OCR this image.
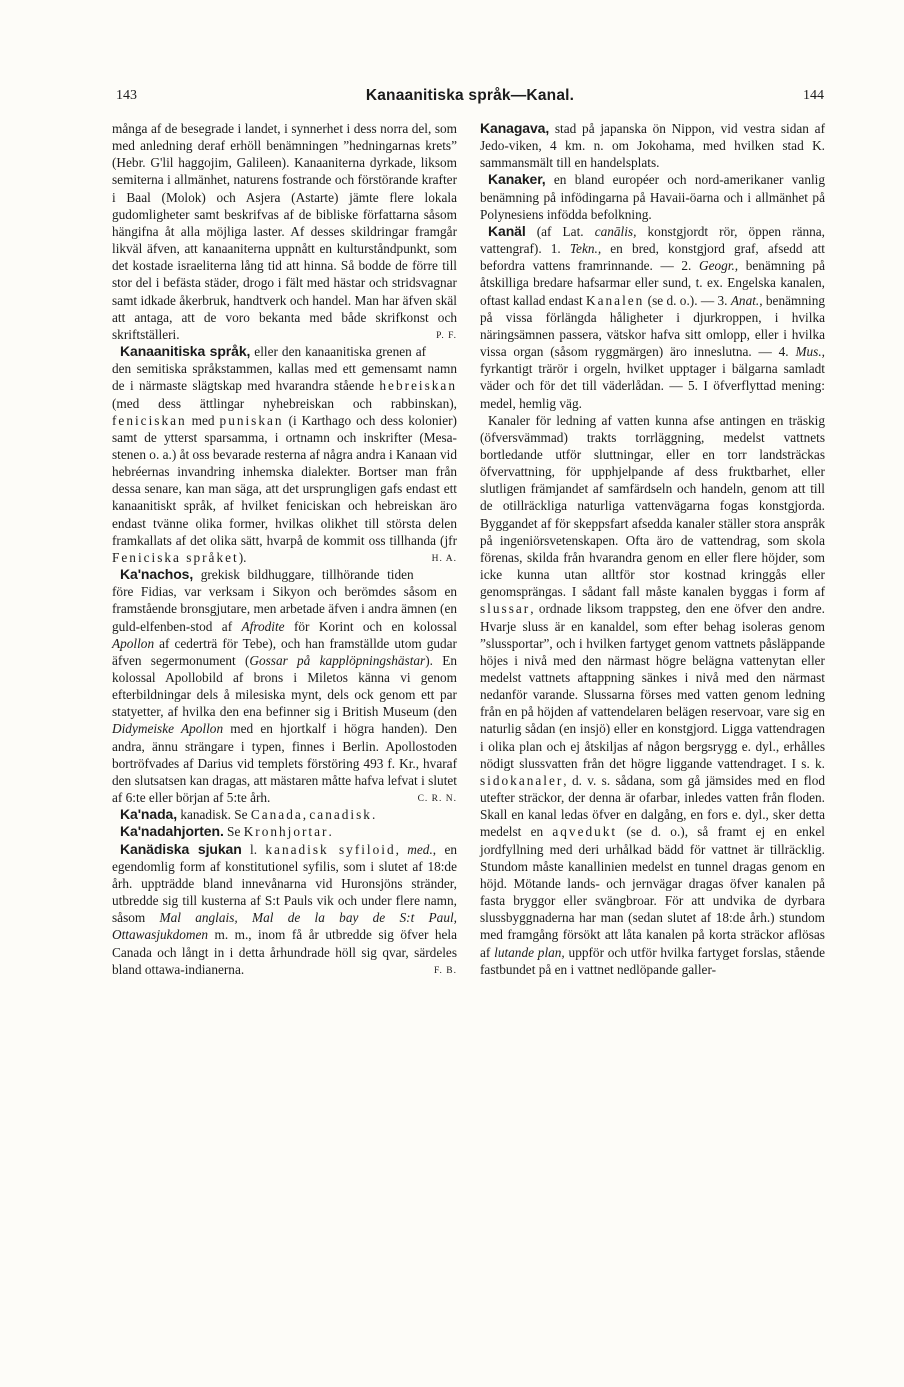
143	Kanaanitiska språk—Kanal.	144

många af de besegrade i landet, i synnerhet i dess norra del, som med anledning deraf erhöll benämningen ”hedningarnas krets” (Hebr. G'lil haggojim, Galileen). Kanaaniterna dyrkade, liksom semiterna i allmänhet, naturens fostrande och förstörande krafter i Baal (Molok) och Asjera (Astarte) jämte flere lokala gudomligheter samt beskrifvas af de bibliske författarna såsom hängifna åt alla möjliga laster. Af desses skildringar framgår likväl äfven, att kanaaniterna uppnått en kulturståndpunkt, som det kostade israeliterna lång tid att hinna. Så bodde de förre till stor del i befästa städer, drogo i fält med hästar och stridsvagnar samt idkade åkerbruk, handtverk och handel. Man har äfven skäl att antaga, att de voro bekanta med både skrifkonst och skriftställeri.	P. F.

Kanaanitiska språk, eller den kanaanitiska grenen af den semitiska språkstammen, kallas med ett gemensamt namn de i närmaste slägtskap med hvarandra stående hebreiskan (med dess ättlingar nyhebreiskan och rabbinskan), feniciskan med puniskan (i Karthago och dess kolonier) samt de ytterst sparsamma, i ortnamn och inskrifter (Mesa-stenen o. a.) åt oss bevarade resterna af några andra i Kanaan vid hebréernas invandring inhemska dialekter. Bortser man från dessa senare, kan man säga, att det ursprungligen gafs endast ett kanaanitiskt språk, af hvilket feniciskan och hebreiskan äro endast tvänne olika former, hvilkas olikhet till största delen framkallats af det olika sätt, hvarpå de kommit oss tillhanda (jfr Feniciska språket).	H. A.

Ka'nachos, grekisk bildhuggare, tillhörande tiden före Fidias, var verksam i Sikyon och berömdes såsom en framstående bronsgjutare, men arbetade äfven i andra ämnen (en guld-elfenben-stod af Afrodite för Korint och en kolossal Apollon af cederträ för Tebe), och han framställde utom gudar äfven segermonument (Gossar på kapplöpningshästar). En kolossal Apollobild af brons i Miletos känna vi genom efterbildningar dels å milesiska mynt, dels ock genom ett par statyetter, af hvilka den ena befinner sig i British Museum (den Didymeiske Apollon med en hjortkalf i högra handen). Den andra, ännu strängare i typen, finnes i Berlin. Apollostoden bortröfvades af Darius vid templets förstöring 493 f. Kr., hvaraf den slutsatsen kan dragas, att mästaren måtte hafva lefvat i slutet af 6:te eller början af 5:te årh.	C. R. N.

Ka'nada, kanadisk. Se Canada, canadisk.

Ka'nadahjorten. Se Kronhjortar.

Kanädiska sjukan l. kanadisk syfiloid, med., en egendomlig form af konstitutionel syfilis, som i slutet af 18:de årh. uppträdde bland innevånarna vid Huronsjöns stränder, utbredde sig till kusterna af S:t Pauls vik och under flere namn, såsom Mal anglais, Mal de la bay de S:t Paul, Ottawasjukdomen m. m., inom få år utbredde sig öfver hela Canada och långt in i detta århundrade höll sig qvar, särdeles bland ottawa-indianerna.	F. B.

Kanagava, stad på japanska ön Nippon, vid vestra sidan af Jedo-viken, 4 km. n. om Jokohama, med hvilken stad K. sammansmält till en handelsplats.

Kanaker, en bland européer och nord-amerikaner vanlig benämning på infödingarna på Havaii-öarna och i allmänhet på Polynesiens infödda befolkning.

Kanäl (af Lat. canālis, konstgjordt rör, öppen ränna, vattengraf). 1. Tekn., en bred, konstgjord graf, afsedd att befordra vattens framrinnande. — 2. Geogr., benämning på åtskilliga bredare hafsarmar eller sund, t. ex. Engelska kanalen, oftast kallad endast Kanalen (se d. o.). — 3. Anat., benämning på vissa förlängda håligheter i djurkroppen, i hvilka näringsämnen passera, vätskor hafva sitt omlopp, eller i hvilka vissa organ (såsom ryggmärgen) äro inneslutna. — 4. Mus., fyrkantigt trärör i orgeln, hvilket upptager i bälgarna samladt väder och för det till väderlådan. — 5. I öfverflyttad mening: medel, hemlig väg.

Kanaler för ledning af vatten kunna afse antingen en träskig (öfversvämmad) trakts torrläggning, medelst vattnets bortledande utför sluttningar, eller en torr landsträckas öfvervattning, för upphjelpande af dess fruktbarhet, eller slutligen främjandet af samfärdseln och handeln, genom att till de otillräckliga naturliga vattenvägarna fogas konstgjorda. Byggandet af för skeppsfart afsedda kanaler ställer stora anspråk på ingeniörsvetenskapen. Ofta äro de vattendrag, som skola förenas, skilda från hvarandra genom en eller flere höjder, som icke kunna utan alltför stor kostnad kringgås eller genomsprängas. I sådant fall måste kanalen byggas i form af slussar, ordnade liksom trappsteg, den ene öfver den andre. Hvarje sluss är en kanaldel, som efter behag isoleras genom ”slussportar”, och i hvilken fartyget genom vattnets påsläppande höjes i nivå med den närmast högre belägna vattenytan eller medelst vattnets aftappning sänkes i nivå med den närmast nedanför varande. Slussarna förses med vatten genom ledning från en på höjden af vattendelaren belägen reservoar, vare sig en naturlig sådan (en insjö) eller en konstgjord. Ligga vattendragen i olika plan och ej åtskiljas af någon bergsrygg e. dyl., erhålles nödigt slussvatten från det högre liggande vattendraget. I s. k. sidokanaler, d. v. s. sådana, som gå jämsides med en flod utefter sträckor, der denna är ofarbar, inledes vatten från floden. Skall en kanal ledas öfver en dalgång, en fors e. dyl., sker detta medelst en aqvedukt (se d. o.), så framt ej en enkel jordfyllning med deri urhålkad bädd för vattnet är tillräcklig. Stundom måste kanallinien medelst en tunnel dragas genom en höjd. Mötande lands- och jernvägar dragas öfver kanalen på fasta bryggor eller svängbroar. För att undvika de dyrbara slussbyggnaderna har man (sedan slutet af 18:de årh.) stundom med framgång försökt att låta kanalen på korta sträckor aflösas af lutande plan, uppför och utför hvilka fartyget forslas, stående fastbundet på en i vattnet nedlöpande galler-
